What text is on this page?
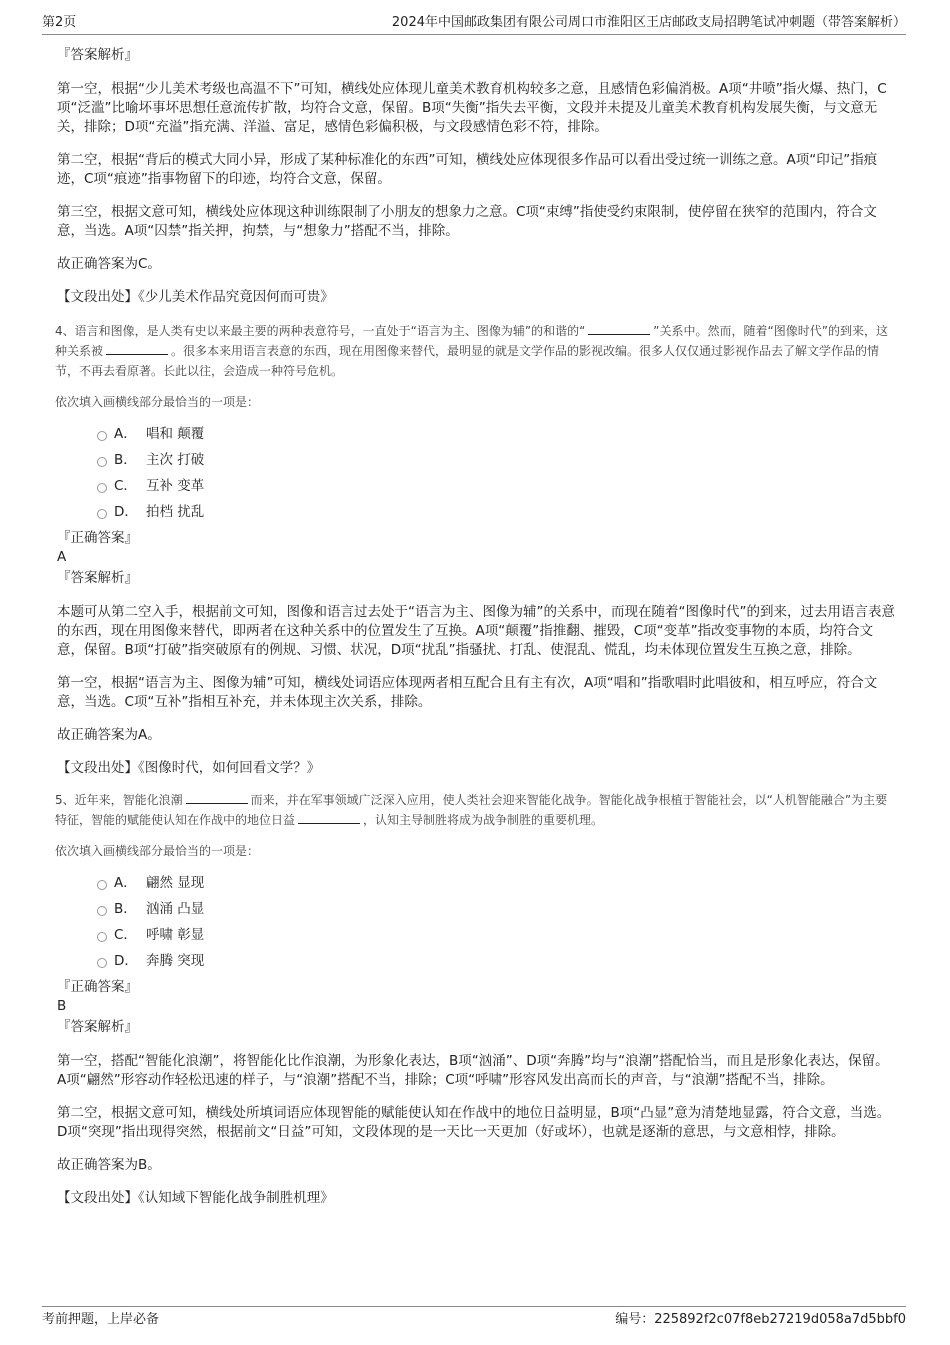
第2页	2024年中国邮政集团有限公司周口市淮阳区王店邮政支局招聘笔试冲刺题（带答案解析）

『答案解析』

第一空，根据“少儿美术考级也高温不下”可知，横线处应体现儿童美术教育机构较多之意，且感情色彩偏消极。A项“井喷”指火爆、热门，C项“泛滥”比喻坏事坏思想任意流传扩散，均符合文意，保留。B项“失衡”指失去平衡，文段并未提及儿童美术教育机构发展失衡，与文意无关，排除；D项“充溢”指充满、洋溢、富足，感情色彩偏积极，与文段感情色彩不符，排除。

第二空，根据“背后的模式大同小异，形成了某种标准化的东西”可知，横线处应体现很多作品可以看出受过统一训练之意。A项“印记”指痕迹，C项“痕迹”指事物留下的印迹，均符合文意，保留。

第三空，根据文意可知，横线处应体现这种训练限制了小朋友的想象力之意。C项“束缚”指使受约束限制，使停留在狭窄的范围内，符合文意，当选。A项“囚禁”指关押，拘禁，与“想象力”搭配不当，排除。

故正确答案为C。

【文段出处】《少儿美术作品究竟因何而可贵》

4、语言和图像，是人类有史以来最主要的两种表意符号，一直处于“语言为主、图像为辅”的和谐的“	”关系中。然而，随着“图像时代”的到来，这种关系被	。很多本来用语言表意的东西，现在用图像来替代，最明显的就是文学作品的影视改编。很多人仅仅通过影视作品去了解文学作品的情节，不再去看原著。长此以往，会造成一种符号危机。

依次填入画横线部分最恰当的一项是：

A． 唱和 颠覆
B． 主次 打破
C． 互补 变革
D． 拍档 扰乱

『正确答案』

A

『答案解析』

本题可从第二空入手，根据前文可知，图像和语言过去处于“语言为主、图像为辅”的关系中，而现在随着“图像时代”的到来，过去用语言表意的东西，现在用图像来替代，即两者在这种关系中的位置发生了互换。A项“颠覆”指推翻、摧毁，C项“变革”指改变事物的本质，均符合文意，保留。B项“打破”指突破原有的例规、习惯、状况，D项“扰乱”指骚扰、打乱、使混乱、慌乱，均未体现位置发生互换之意，排除。

第一空，根据“语言为主、图像为辅”可知，横线处词语应体现两者相互配合且有主有次，A项“唱和”指歌唱时此唱彼和，相互呼应，符合文意，当选。C项“互补”指相互补充，并未体现主次关系，排除。

故正确答案为A。

【文段出处】《图像时代，如何回看文学？》

5、近年来，智能化浪潮	而来，并在军事领域广泛深入应用，使人类社会迎来智能化战争。智能化战争根植于智能社会，以“人机智能融合”为主要特征，智能的赋能使认知在作战中的地位日益	，认知主导制胜将成为战争制胜的重要机理。

依次填入画横线部分最恰当的一项是：

A． 翩然 显现
B． 汹涌 凸显
C． 呼啸 彰显
D． 奔腾 突现

『正确答案』

B

『答案解析』

第一空，搭配“智能化浪潮”，将智能化比作浪潮，为形象化表达，B项“汹涌”、D项“奔腾”均与“浪潮”搭配恰当，而且是形象化表达，保留。A项“翩然”形容动作轻松迅速的样子，与“浪潮”搭配不当，排除；C项“呼啸”形容风发出高而长的声音，与“浪潮”搭配不当，排除。

第二空，根据文意可知，横线处所填词语应体现智能的赋能使认知在作战中的地位日益明显，B项“凸显”意为清楚地显露，符合文意，当选。D项“突现”指出现得突然，根据前文“日益”可知，文段体现的是一天比一天更加（好或坏），也就是逐渐的意思，与文意相悖，排除。

故正确答案为B。

【文段出处】《认知域下智能化战争制胜机理》

考前押题，上岸必备	编号：225892f2c07f8eb27219d058a7d5bbf0
